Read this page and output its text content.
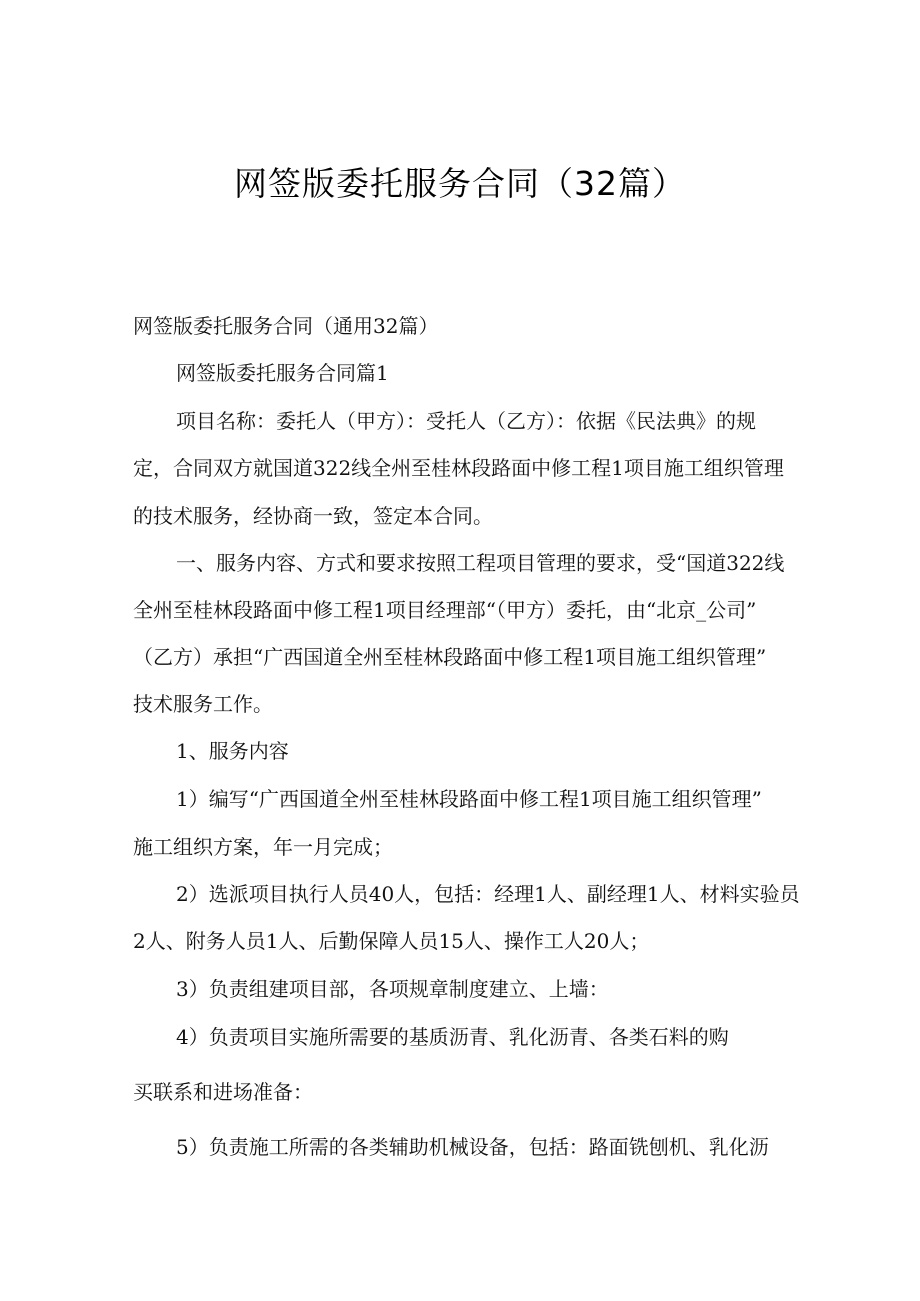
网签版委托服务合同（32篇）
网签版委托服务合同（通用32篇）
网签版委托服务合同篇1
项目名称：委托人（甲方）：受托人（乙方）：依据《民法典》的规
定，合同双方就国道322线全州至桂林段路面中修工程1项目施工组织管理
的技术服务，经协商一致，签定本合同。
一、服务内容、方式和要求按照工程项目管理的要求，受“国道322线
全州至桂林段路面中修工程1项目经理部“（甲方）委托，由“北京_公司”
（乙方）承担“广西国道全州至桂林段路面中修工程1项目施工组织管理”
技术服务工作。
1、服务内容
1）编写“广西国道全州至桂林段路面中修工程1项目施工组织管理”
施工组织方案，年一月完成；
2）选派项目执行人员40人，包括：经理1人、副经理1人、材料实验员
2人、附务人员1人、后勤保障人员15人、操作工人20人；
3）负责组建项目部，各项规章制度建立、上墙：
4）负责项目实施所需要的基质沥青、乳化沥青、各类石料的购
买联系和进场准备：
5）负责施工所需的各类辅助机械设备，包括：路面铣刨机、乳化沥
